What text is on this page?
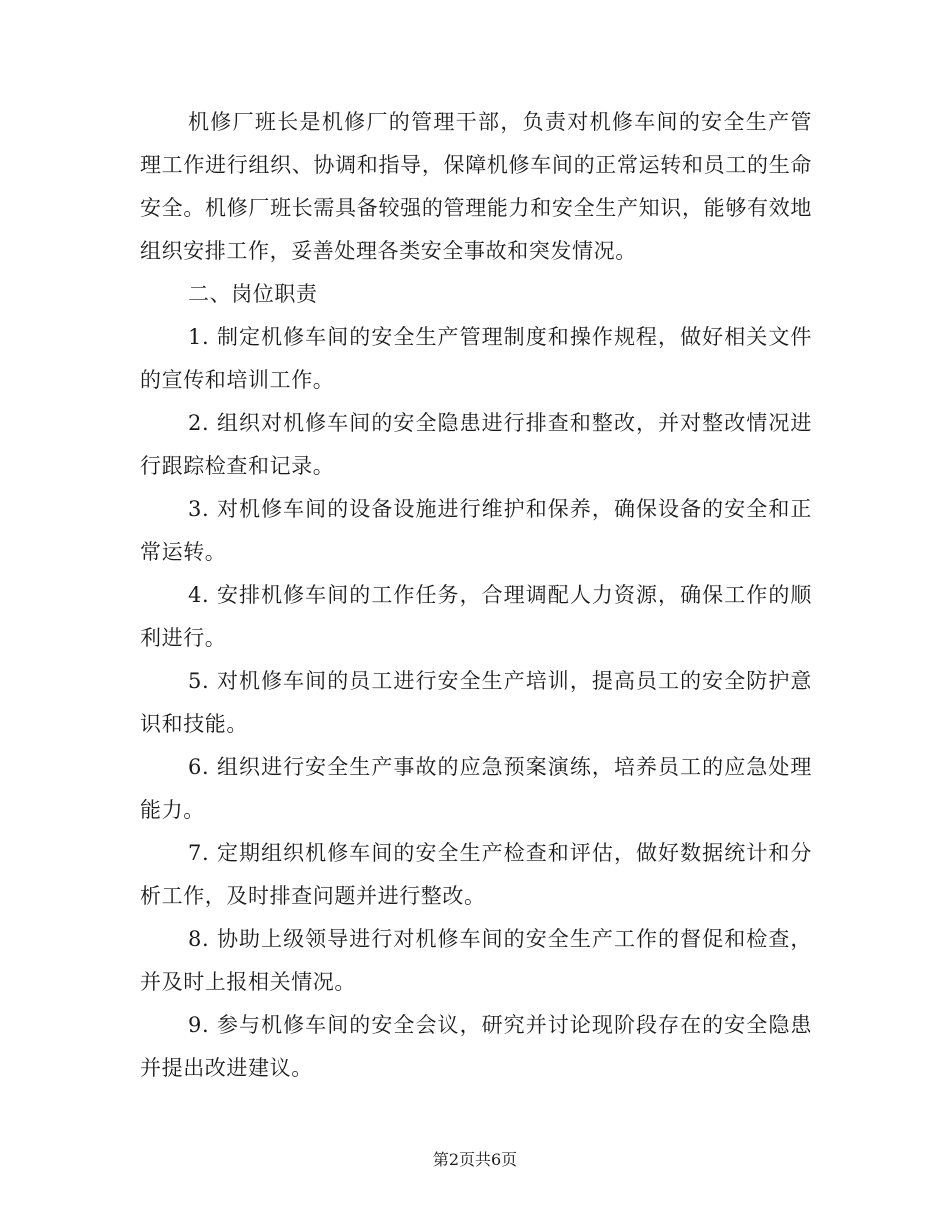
机修厂班长是机修厂的管理干部，负责对机修车间的安全生产管理工作进行组织、协调和指导，保障机修车间的正常运转和员工的生命安全。机修厂班长需具备较强的管理能力和安全生产知识，能够有效地组织安排工作，妥善处理各类安全事故和突发情况。

二、岗位职责

1. 制定机修车间的安全生产管理制度和操作规程，做好相关文件的宣传和培训工作。

2. 组织对机修车间的安全隐患进行排查和整改，并对整改情况进行跟踪检查和记录。

3. 对机修车间的设备设施进行维护和保养，确保设备的安全和正常运转。

4. 安排机修车间的工作任务，合理调配人力资源，确保工作的顺利进行。

5. 对机修车间的员工进行安全生产培训，提高员工的安全防护意识和技能。

6. 组织进行安全生产事故的应急预案演练，培养员工的应急处理能力。

7. 定期组织机修车间的安全生产检查和评估，做好数据统计和分析工作，及时排查问题并进行整改。

8. 协助上级领导进行对机修车间的安全生产工作的督促和检查，并及时上报相关情况。

9. 参与机修车间的安全会议，研究并讨论现阶段存在的安全隐患并提出改进建议。

第2页共6页
